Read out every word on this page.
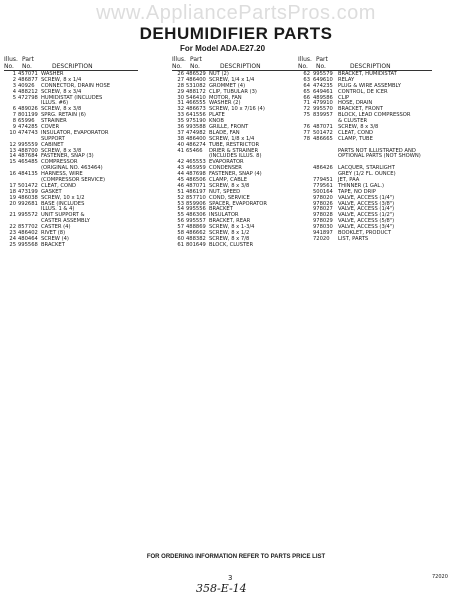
www.AppliancePartsPros.com
DEHUMIDIFIER PARTS
For Model ADA.E27.20
Illus. Part
No. No.	DESCRIPTION
1 457071 WASHER
2 486877 SCREW, 8 x 1/4
3 40926 CONNECTOR, DRAIN HOSE
4 488212 SCREW, 8 x 3/4
5 472798 HUMIDISTAT (INCLUDES
ILLUS. #6)
6 489026 SCREW, 8 x 3/8
7 801199 SPRG. RETAIN (6)
8 65996 STRAINER
9 474285 COVER
10 474743 INSULATOR, EVAPORATOR
SUPPORT
12 995559 CABINET
13 488700 SCREW, 8 x 3/8
14 487684 FASTENER, SNAP (3)
15 465485 COMPRESSOR
(ORIGINAL NO. 463464)
16 484135 HARNESS, WIRE
(COMPRESSOR SERVICE)
17 501472 CLEAT, COND
18 473199 GASKET
19 486038 SCREW, 10 x 1/2
20 992681 BASE (INCLUDES
ILLUS. 1 & 4)
21 995572 UNIT SUPPORT &
CASTER ASSEMBLY
22 857702 CASTER (4)
23 486402 RIVET (8)
24 480464 SCREW (4)
25 995568 BRACKET
Illus. Part
No. No.	DESCRIPTION
26 486529 NUT (2)
27 486400 SCREW, 1/4 x 1/4
28 531082 GROMMET (4)
29 488172 CLIP, TUBULAR (3)
30 546410 MOTOR, FAN
31 466555 WASHER (2)
32 486673 SCREW, 10 x 7/16 (4)
33 641556 PLATE
35 975190 KNOB
36 993588 GRILLE, FRONT
37 474982 BLADE, FAN
38 486400 SCREW, 1/8 x 1/4
40 486274 TUBE, RESTRICTOR
41 65466 DRIER & STRAINER
(INCLUDES ILLUS. 8)
42 465553 EVAPORATOR
43 465959 CONDENSER
44 487698 FASTENER, SNAP (4)
45 486506 CLAMP, CABLE
46 487071 SCREW, 8 x 3/8
51 486197 NUT, SPEED
52 857710 COND, SERVICE
53 859906 SPACER, EVAPORATOR
54 995556 BRACKET
55 486306 INSULATOR
56 995557 BRACKET, REAR
57 488869 SCREW, 8 x 1-3/4
58 486662 SCREW, 8 x 1/2
60 488382 SCREW, 8 x 7/8
61 801649 BLOCK, CLUSTER
Illus. Part
No. No.	DESCRIPTION
62 995579 BRACKET, HUMIDISTAT
63 649610 RELAY
64 474235 PLUG & WIRE ASSEMBLY
65 649461 CONTROL, DE ICER
66 489586 CLIP
71 479910 HOSE, DRAIN
72 995570 BRACKET, FRONT
75 839957 BLOCK, LEAD COMPRESSOR
& CLUSTER
76 487071 SCREW, 8 x 3/8
77 501472 CLEAT, COND
78 486665 CLAMP, TUBE
PARTS NOT ILLUSTRATED AND
OPTIONAL PARTS (NOT SHOWN)
486426 LACQUER, STARLIGHT
GREY (1/2 FL. OUNCE)
779451 JET, PAA
779561 THINNER (1 GAL.)
500164 TAPE, NO DRIP
978020 VALVE, ACCESS (1/4")
978026 VALVE, ACCESS (3/8")
978027 VALVE, ACCESS (1/4")
978028 VALVE, ACCESS (1/2")
978029 VALVE, ACCESS (5/8")
978030 VALVE, ACCESS (3/4")
941897 BOOKLET, PRODUCT
72020 LIST, PARTS
FOR ORDERING INFORMATION REFER TO PARTS PRICE LIST
3	72020
358-E-14
